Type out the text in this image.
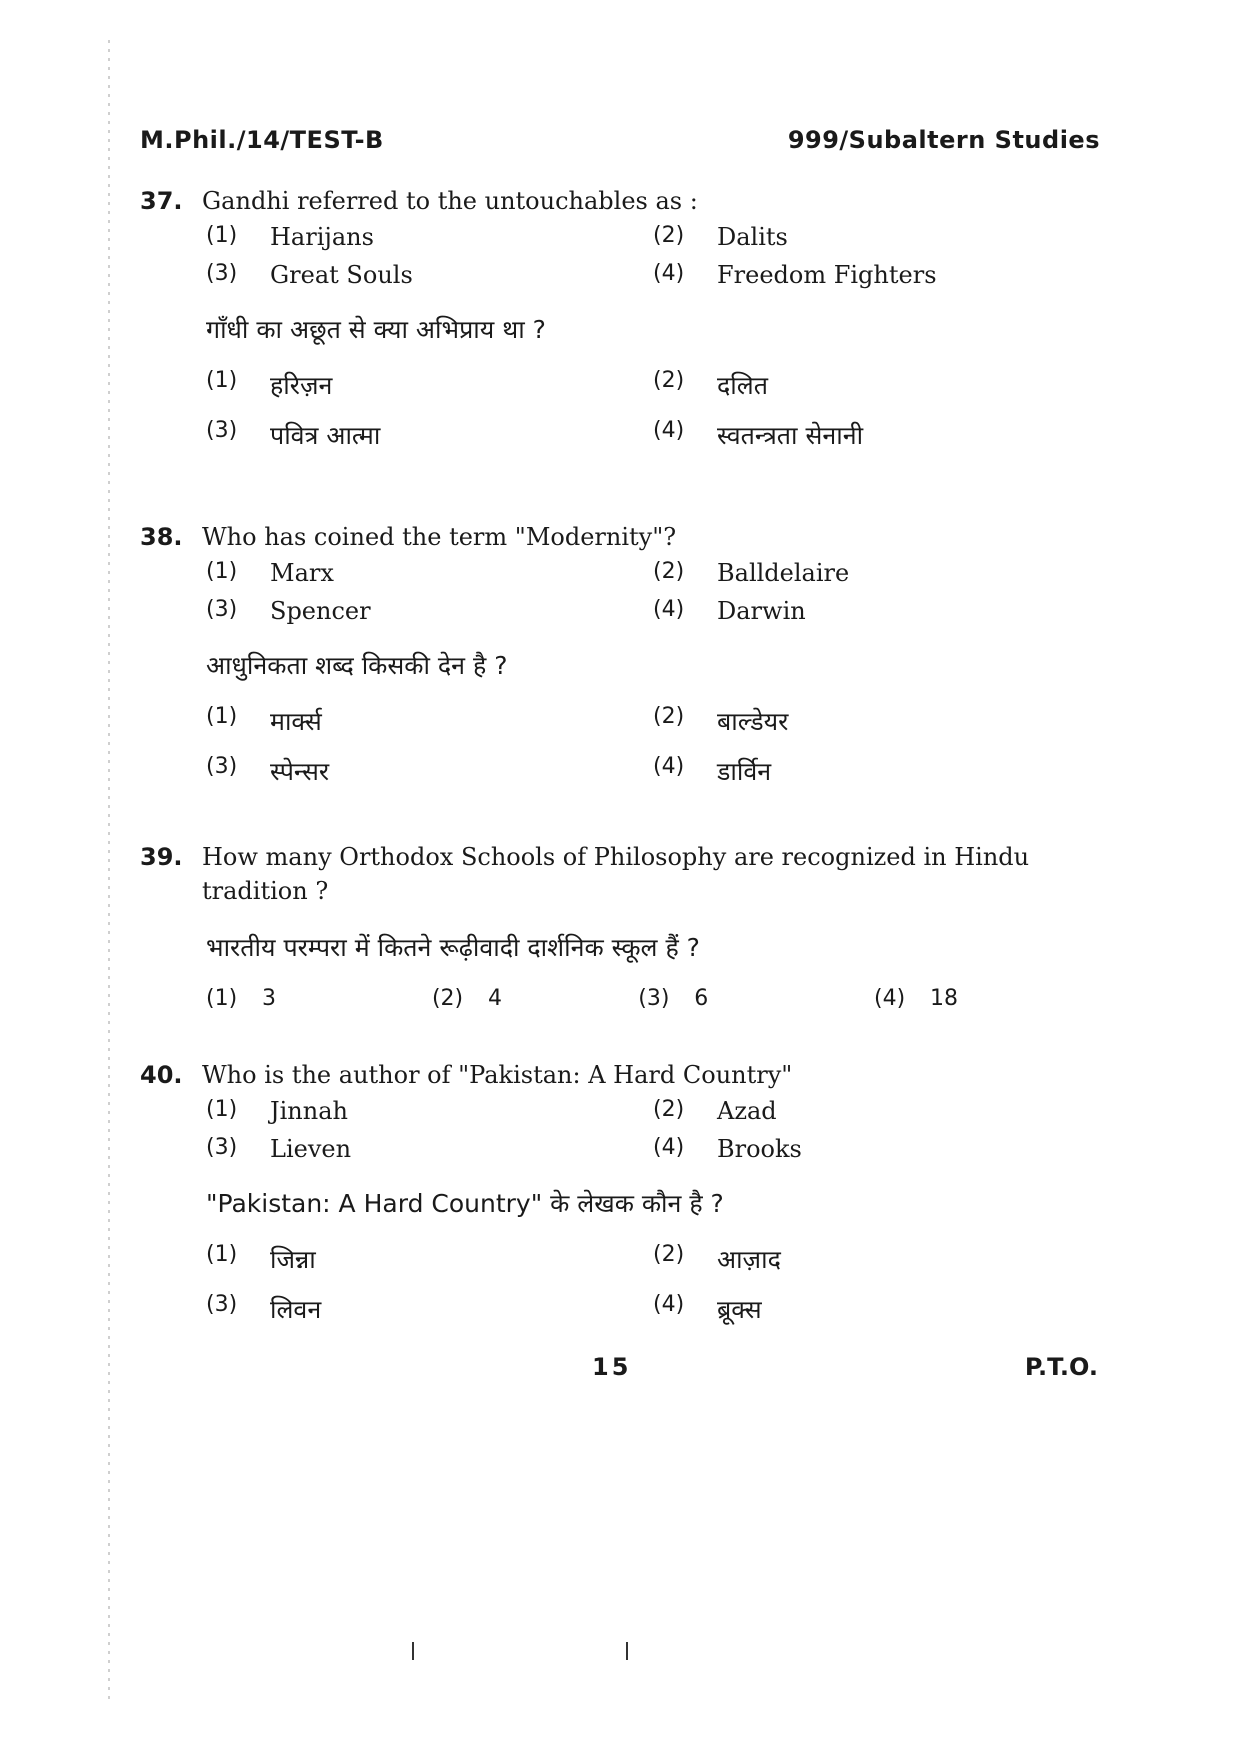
M.Phil./14/TEST-B	999/Subaltern Studies
37. Gandhi referred to the untouchables as :
(1)	Harijans	(2)	Dalits
(3)	Great Souls	(4)	Freedom Fighters
गाँधी का अछूत से क्या अभिप्राय था ?
(1)	हरिज़न	(2)	दलित
(3)	पवित्र आत्मा	(4)	स्वतन्त्रता सेनानी
38. Who has coined the term "Modernity"?
(1)	Marx	(2)	Balldelaire
(3)	Spencer	(4)	Darwin
आधुनिकता शब्द किसकी देन है ?
(1)	मार्क्स	(2)	बाल्डेयर
(3)	स्पेन्सर	(4)	डार्विन
39. How many Orthodox Schools of Philosophy are recognized in Hindu
tradition ?
भारतीय परम्परा में कितने रूढ़ीवादी दार्शनिक स्कूल हैं ?
(1)	3	(2)	4	(3)	6	(4)	18
40. Who is the author of "Pakistan: A Hard Country"
(1)	Jinnah	(2)	Azad
(3)	Lieven	(4)	Brooks
"Pakistan: A Hard Country" के लेखक कौन है ?
(1)	जिन्ना	(2)	आज़ाद
(3)	लिवन	(4)	ब्रूक्स
15	P.T.O.
